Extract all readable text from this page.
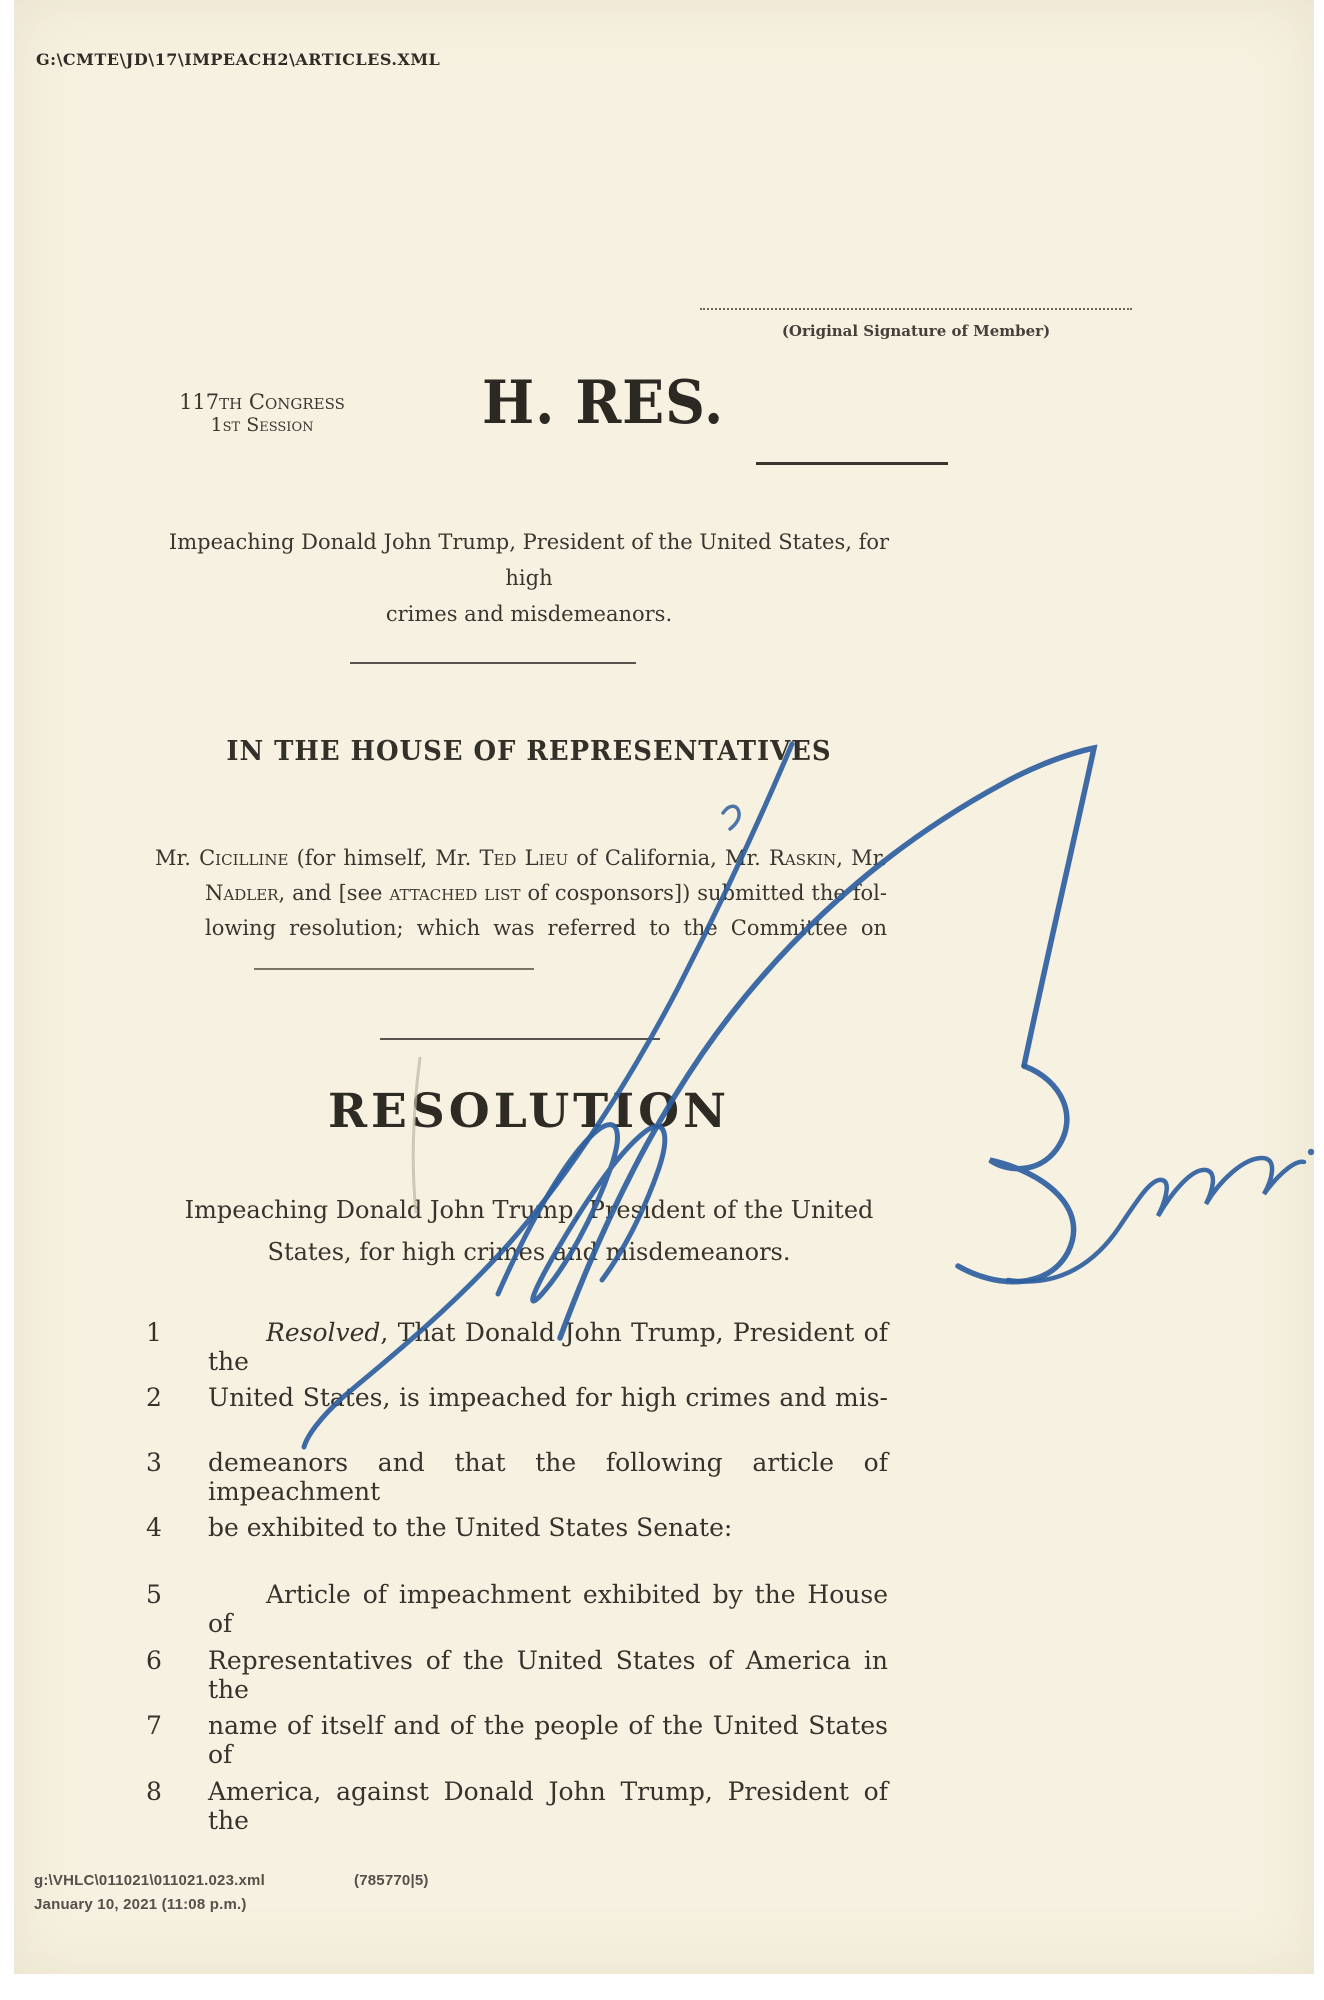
G:\CMTE\JD\17\IMPEACH2\ARTICLES.XML
(Original Signature of Member)
117th Congress
1st Session	H. RES.
Impeaching Donald John Trump, President of the United States, for high
crimes and misdemeanors.
IN THE HOUSE OF REPRESENTATIVES
Mr. Cicilline (for himself, Mr. Ted Lieu of California, Mr. Raskin, Mr.
Nadler, and [see attached list of cosponsors]) submitted the fol-
lowing resolution; which was referred to the Committee on
RESOLUTION
Impeaching Donald John Trump, President of the United
States, for high crimes and misdemeanors.
1	Resolved, That Donald John Trump, President of the
2	United States, is impeached for high crimes and mis-
3	demeanors and that the following article of impeachment
4	be exhibited to the United States Senate:
5	Article of impeachment exhibited by the House of
6	Representatives of the United States of America in the
7	name of itself and of the people of the United States of
8	America, against Donald John Trump, President of the
g:\VHLC\011021\011021.023.xml	(785770|5)
January 10, 2021 (11:08 p.m.)
